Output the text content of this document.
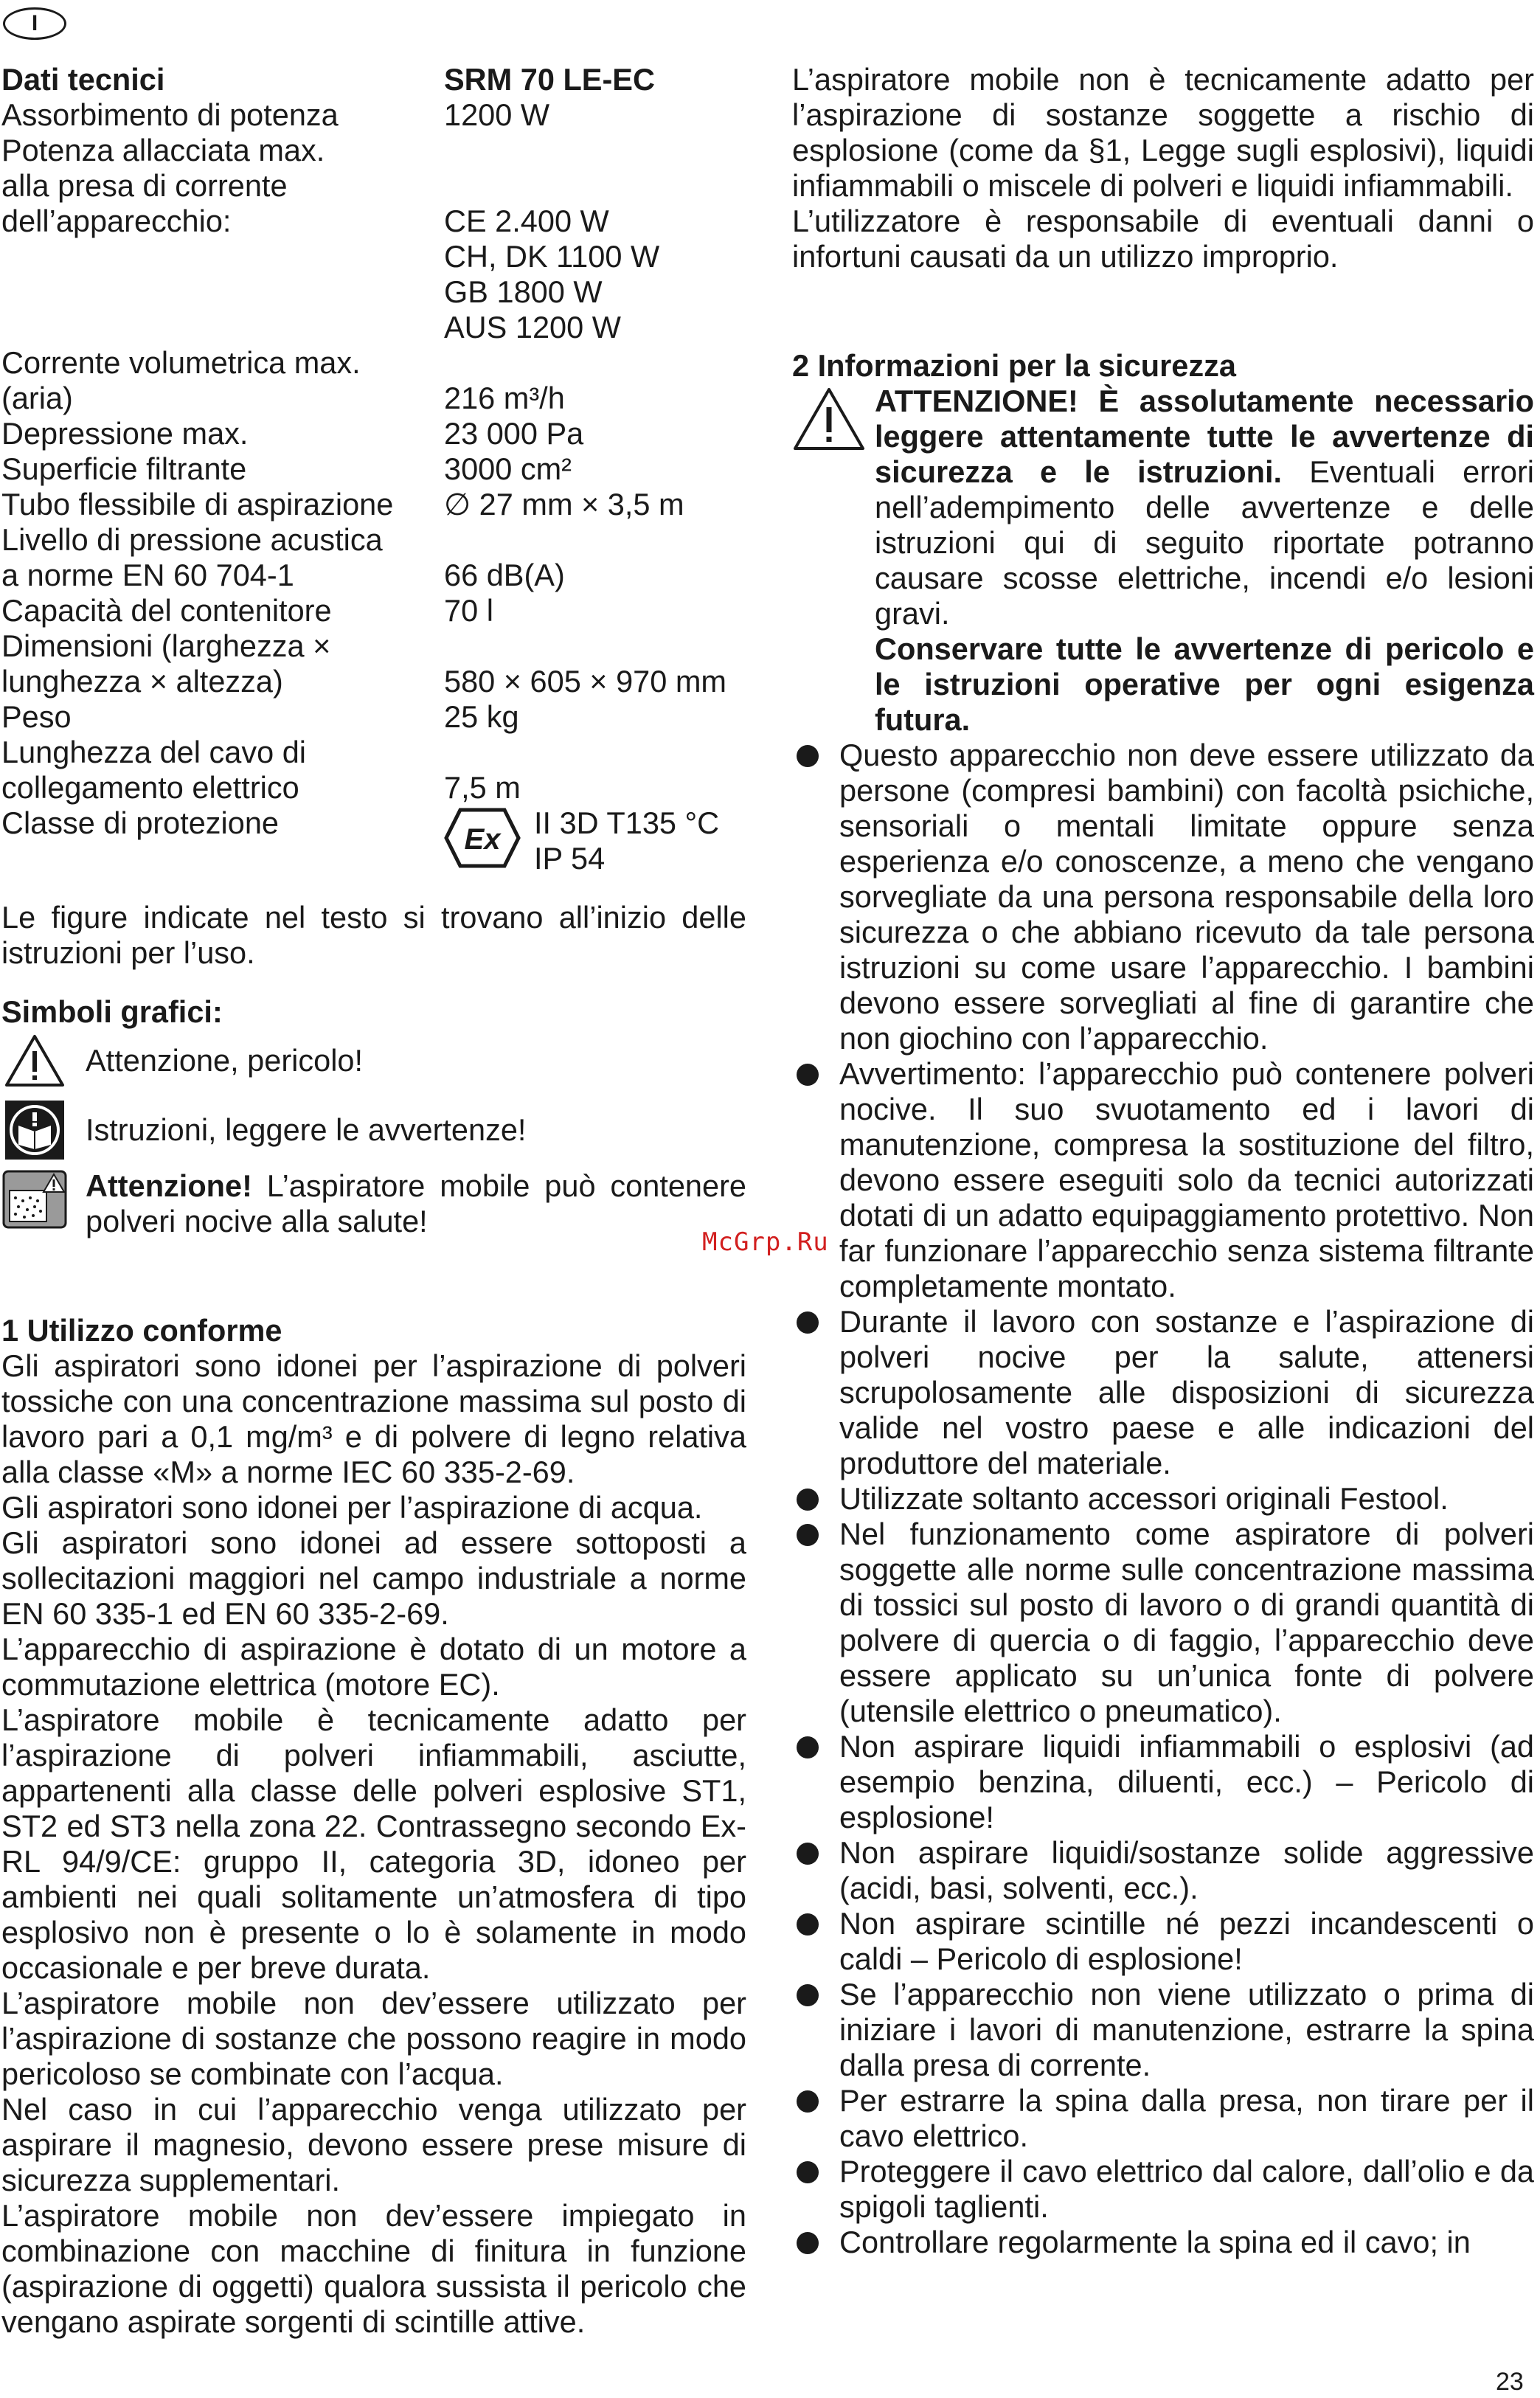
I
Dati tecnici	SRM 70 LE-EC
Assorbimento di potenza	1200 W
Potenza allacciata max.
alla presa di corrente
dell’apparecchio:	CE 2.400 W
CH, DK 1100 W
GB 1800 W
AUS 1200 W
Corrente volumetrica max.
(aria)	216 m³/h
Depressione max.	23 000 Pa
Superficie filtrante	3000 cm²
Tubo flessibile di aspirazione	∅ 27 mm × 3,5 m
Livello di pressione acustica
a norme EN 60 704-1	66 dB(A)
Capacità del contenitore	70 l
Dimensioni (larghezza ×
lunghezza × altezza)	580 × 605 × 970 mm
Peso	25 kg
Lunghezza del cavo di
collegamento elettrico	7,5 m
Classe di protezione	Ex II 3D T135 °C
IP 54

Le figure indicate nel testo si trovano all’inizio delle istruzioni per l’uso.

Simboli grafici:

Attenzione, pericolo!
Istruzioni, leggere le avvertenze!

Attenzione! L’aspiratore mobile può contenere polveri nocive alla salute!

1 Utilizzo conforme

Gli aspiratori sono idonei per l’aspirazione di polveri tossiche con una concentrazione massima sul posto di lavoro pari a 0,1 mg/m³ e di polvere di legno relativa alla classe «M» a norme IEC 60 335-2-69.

Gli aspiratori sono idonei per l’aspirazione di acqua.

Gli aspiratori sono idonei ad essere sottoposti a sollecitazioni maggiori nel campo industriale a norme EN 60 335-1 ed EN 60 335-2-69.

L’apparecchio di aspirazione è dotato di un motore a commutazione elettrica (motore EC).

L’aspiratore mobile è tecnicamente adatto per l’aspirazione di polveri infiammabili, asciutte, appartenenti alla classe delle polveri esplosive ST1, ST2 ed ST3 nella zona 22. Contrassegno secondo Ex-RL 94/9/CE: gruppo II, categoria 3D, idoneo per ambienti nei quali solitamente un’atmosfera di tipo esplosivo non è presente o lo è solamente in modo occasionale e per breve durata.

L’aspiratore mobile non dev’essere utilizzato per l’aspirazione di sostanze che possono reagire in modo pericoloso se combinate con l’acqua.

Nel caso in cui l’apparecchio venga utilizzato per aspirare il magnesio, devono essere prese misure di sicurezza supplementari.

L’aspiratore mobile non dev’essere impiegato in combinazione con macchine di finitura in funzione (aspirazione di oggetti) qualora sussista il pericolo che vengano aspirate sorgenti di scintille attive.

L’aspiratore mobile non è tecnicamente adatto per l’aspirazione di sostanze soggette a rischio di esplosione (come da §1, Legge sugli esplosivi), liquidi infiammabili o miscele di polveri e liquidi infiammabili.

L’utilizzatore è responsabile di eventuali danni o infortuni causati da un utilizzo improprio.

2 Informazioni per la sicurezza

ATTENZIONE! È assolutamente necessario leggere attentamente tutte le avvertenze di sicurezza e le istruzioni. Eventuali errori nell’adempimento delle avvertenze e delle istruzioni qui di seguito riportate potranno causare scosse elettriche, incendi e/o lesioni gravi.

Conservare tutte le avvertenze di pericolo e le istruzioni operative per ogni esigenza futura.

Questo apparecchio non deve essere utilizzato da persone (compresi bambini) con facoltà psichiche, sensoriali o mentali limitate oppure senza esperienza e/o conoscenze, a meno che vengano sorvegliate da una persona responsabile della loro sicurezza o che abbiano ricevuto da tale persona istruzioni su come usare l’apparecchio. I bambini devono essere sorvegliati al fine di garantire che non giochino con l’apparecchio.
Avvertimento: l’apparecchio può contenere polveri nocive. Il suo svuotamento ed i lavori di manutenzione, compresa la sostituzione del filtro, devono essere eseguiti solo da tecnici autorizzati dotati di un adatto equipaggiamento protettivo. Non far funzionare l’apparecchio senza sistema filtrante completamente montato.
Durante il lavoro con sostanze e l’aspirazione di polveri nocive per la salute, attenersi scrupolosamente alle disposizioni di sicurezza valide nel vostro paese e alle indicazioni del produttore del materiale.
Utilizzate soltanto accessori originali Festool.
Nel funzionamento come aspiratore di polveri soggette alle norme sulle concentrazione massima di tossici sul posto di lavoro o di grandi quantità di polvere di quercia o di faggio, l’apparecchio deve essere applicato su un’unica fonte di polvere (utensile elettrico o pneumatico).
Non aspirare liquidi infiammabili o esplosivi (ad esempio benzina, diluenti, ecc.) – Pericolo di esplosione!
Non aspirare liquidi/sostanze solide aggressive (acidi, basi, solventi, ecc.).
Non aspirare scintille né pezzi incandescenti o caldi – Pericolo di esplosione!
Se l’apparecchio non viene utilizzato o prima di iniziare i lavori di manutenzione, estrarre la spina dalla presa di corrente.
Per estrarre la spina dalla presa, non tirare per il cavo elettrico.
Proteggere il cavo elettrico dal calore, dall’olio e da spigoli taglienti.
Controllare regolarmente la spina ed il cavo; in
McGrp.Ru
23
